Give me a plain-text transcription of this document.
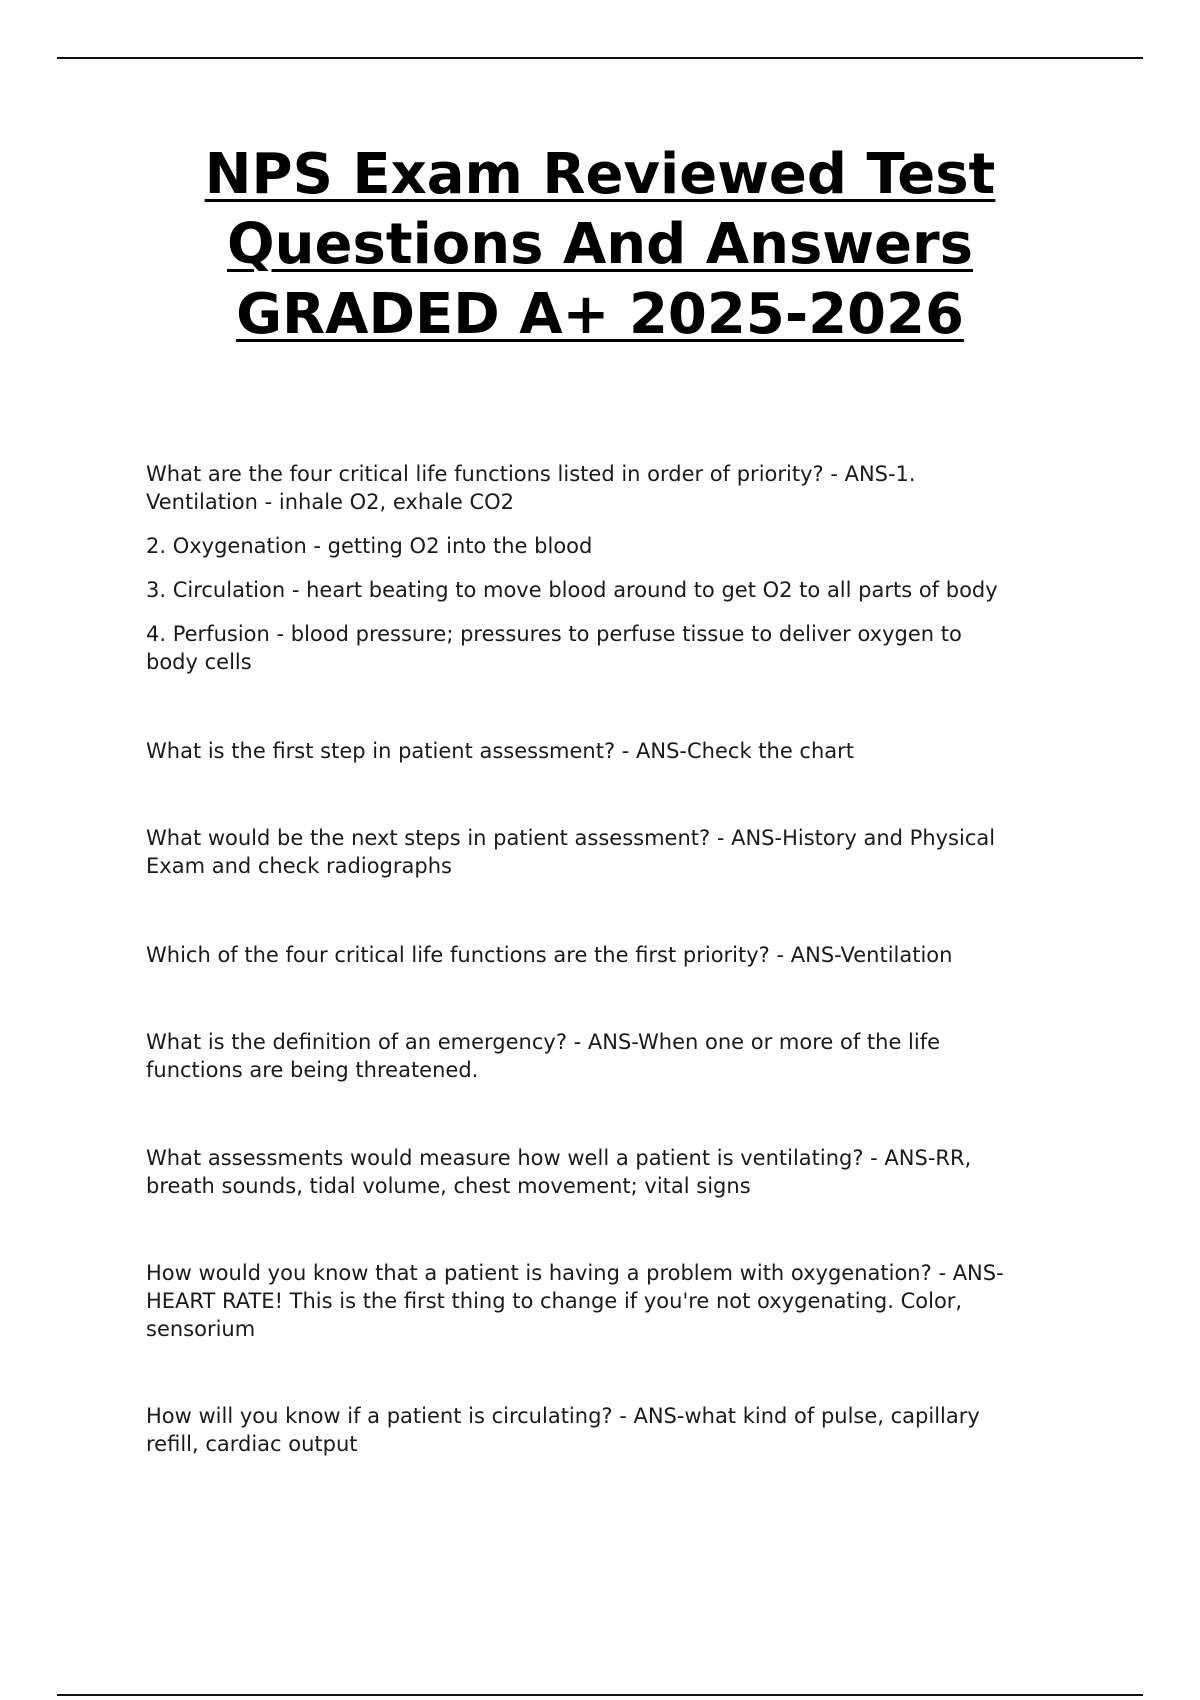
NPS Exam Reviewed Test
Questions And Answers
GRADED A+ 2025-2026

What are the four critical life functions listed in order of priority? - ANS-1.
Ventilation - inhale O2, exhale CO2

2. Oxygenation - getting O2 into the blood

3. Circulation - heart beating to move blood around to get O2 to all parts of body

4. Perfusion - blood pressure; pressures to perfuse tissue to deliver oxygen to
body cells

What is the first step in patient assessment? - ANS-Check the chart

What would be the next steps in patient assessment? - ANS-History and Physical
Exam and check radiographs

Which of the four critical life functions are the first priority? - ANS-Ventilation

What is the definition of an emergency? - ANS-When one or more of the life
functions are being threatened.

What assessments would measure how well a patient is ventilating? - ANS-RR,
breath sounds, tidal volume, chest movement; vital signs

How would you know that a patient is having a problem with oxygenation? - ANS-
HEART RATE! This is the first thing to change if you're not oxygenating. Color,
sensorium

How will you know if a patient is circulating? - ANS-what kind of pulse, capillary
refill, cardiac output
